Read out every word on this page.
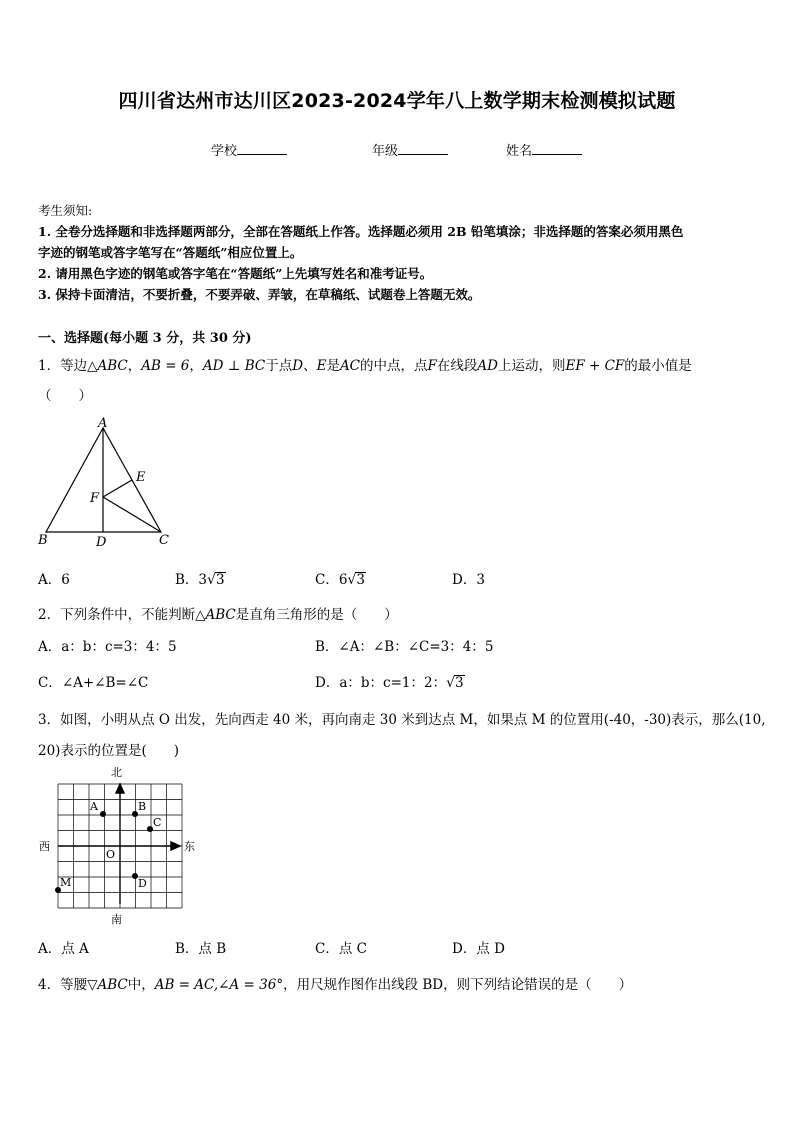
四川省达州市达川区2023-2024学年八上数学期末检测模拟试题
学校	年级	姓名
考生须知:
1. 全卷分选择题和非选择题两部分，全部在答题纸上作答。选择题必须用 2B 铅笔填涂；非选择题的答案必须用黑色
字迹的钢笔或答字笔写在“答题纸”相应位置上。
2. 请用黑色字迹的钢笔或答字笔在“答题纸”上先填写姓名和准考证号。
3. 保持卡面清洁，不要折叠，不要弄破、弄皱，在草稿纸、试题卷上答题无效。
一、选择题(每小题 3 分，共 30 分)
1．等边△ABC，AB = 6，AD ⊥ BC于点D、E是AC的中点，点F在线段AD上运动，则EF + CF的最小值是
（　　）
A
B	C
D
E
F
A．6	B．3√3	C．6√3	D．3
2．下列条件中，不能判断△ABC是直角三角形的是（　　）
A．a：b：c=3：4：5	B．∠A：∠B：∠C=3：4：5
C．∠A+∠B=∠C	D．a：b：c=1：2：√3
3．如图，小明从点 O 出发，先向西走 40 米，再向南走 30 米到达点 M，如果点 M 的位置用(-40，-30)表示，那么(10,
20)表示的位置是(　　)
北
南
西	东
O
A	B
C
D
M
A．点 A	B．点 B	C．点 C	D．点 D
4．等腰▽ABC中，AB = AC,∠A = 36°，用尺规作图作出线段 BD，则下列结论错误的是（　　）
